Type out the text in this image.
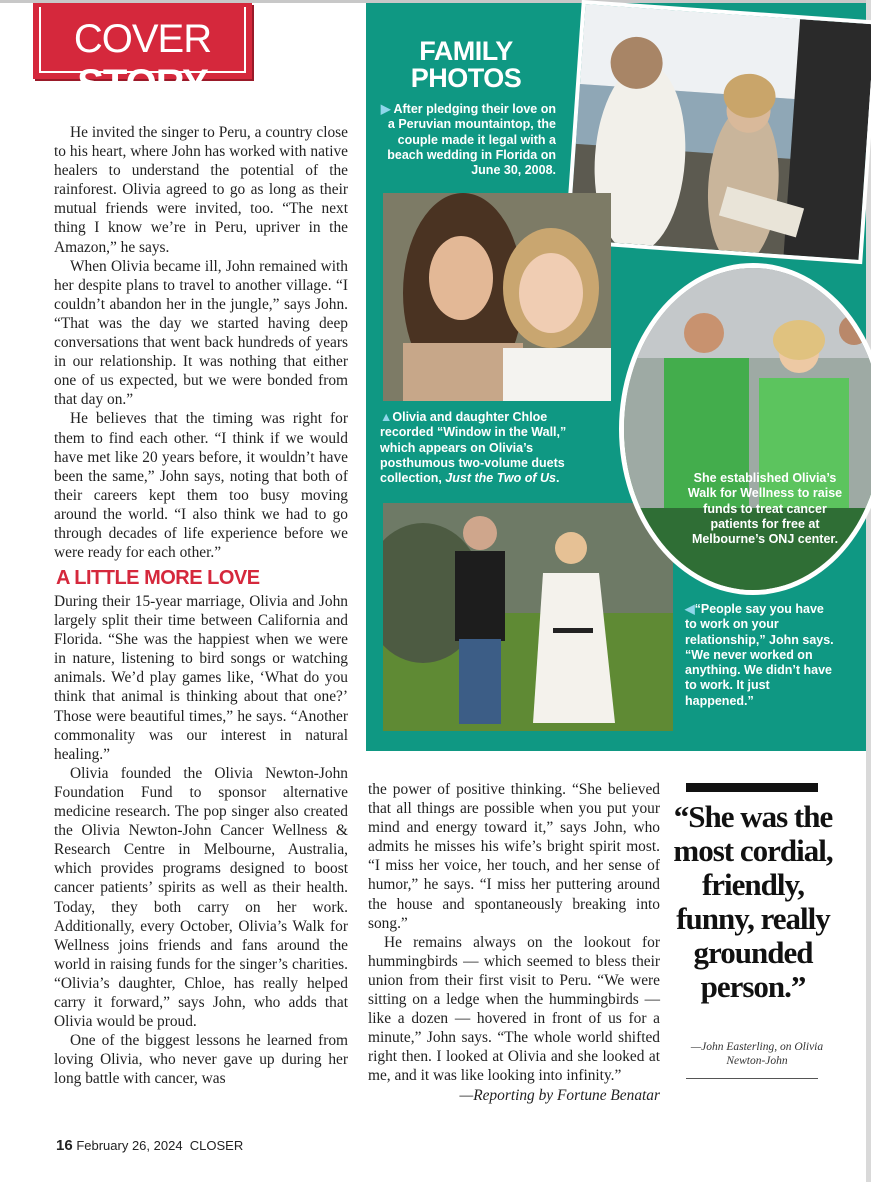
COVER STORY

He invited the singer to Peru, a country close to his heart, where John has worked with native healers to understand the potential of the rainforest. Olivia agreed to go as long as their mutual friends were invited, too. “The next thing I know we’re in Peru, upriver in the Amazon,” he says.

When Olivia became ill, John remained with her despite plans to travel to another village. “I couldn’t abandon her in the jungle,” says John. “That was the day we started having deep conversations that went back hundreds of years in our relationship. It was nothing that either one of us expected, but we were bonded from that day on.”

He believes that the timing was right for them to find each other. “I think if we would have met like 20 years before, it wouldn’t have been the same,” John says, noting that both of their careers kept them too busy moving around the world. “I also think we had to go through decades of life experience before we were ready for each other.”

A LITTLE MORE LOVE

During their 15-year marriage, Olivia and John largely split their time between California and Florida. “She was the happiest when we were in nature, listening to bird songs or watching animals. We’d play games like, ‘What do you think that animal is thinking about that one?’ Those were beautiful times,” he says. “Another commonality was our interest in natural healing.”

Olivia founded the Olivia Newton-John Foundation Fund to sponsor alternative medicine research. The pop singer also created the Olivia Newton-John Cancer Wellness & Research Centre in Melbourne, Australia, which provides programs designed to boost cancer patients’ spirits as well as their health. Today, they both carry on her work. Additionally, every October, Olivia’s Walk for Wellness joins friends and fans around the world in raising funds for the singer’s charities. “Olivia’s daughter, Chloe, has really helped carry it forward,” says John, who adds that Olivia would be proud.

One of the biggest lessons he learned from loving Olivia, who never gave up during her long battle with cancer, was

the power of positive thinking. “She believed that all things are possible when you put your mind and energy toward it,” says John, who admits he misses his wife’s bright spirit most. “I miss her voice, her touch, and her sense of humor,” he says. “I miss her puttering around the house and spontaneously breaking into song.”

He remains always on the lookout for hummingbirds — which seemed to bless their union from their first visit to Peru. “We were sitting on a ledge when the hummingbirds — like a dozen — hovered in front of us for a minute,” John says. “The whole world shifted right then. I looked at Olivia and she looked at me, and it was like looking into infinity.”

—Reporting by Fortune Benatar

FAMILY
PHOTOS
▶ After pledging their love on a Peruvian mountaintop, the couple made it legal with a beach wedding in Florida on June 30, 2008.
▲Olivia and daughter Chloe recorded “Window in the Wall,” which appears on Olivia’s posthumous two-volume duets collection, Just the Two of Us.	She established Olivia’s Walk for Wellness to raise funds to treat cancer patients for free at Melbourne’s ONJ center.
◀“People say you have to work on your relationship,” John says. “We never worked on anything. We didn’t have to work. It just happened.”
“She was the most cordial, friendly, funny, really grounded person.”
—John Easterling, on Olivia Newton-John
16 February 26, 2024 CLOSER
